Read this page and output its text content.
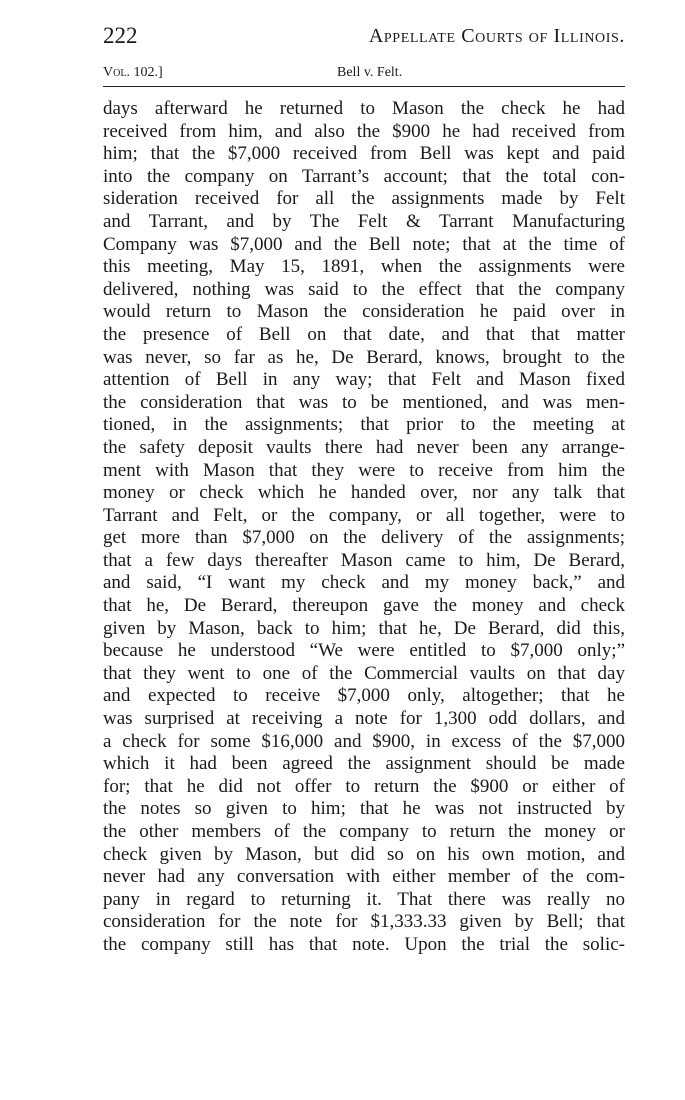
222	Appellate Courts of Illinois.
Vol. 102.]	Bell v. Felt.
days afterward he returned to Mason the check he had
received from him, and also the $900 he had received from
him; that the $7,000 received from Bell was kept and paid
into the company on Tarrant’s account; that the total con-
sideration received for all the assignments made by Felt
and Tarrant, and by The Felt & Tarrant Manufacturing
Company was $7,000 and the Bell note; that at the time of
this meeting, May 15, 1891, when the assignments were
delivered, nothing was said to the effect that the company
would return to Mason the consideration he paid over in
the presence of Bell on that date, and that that matter
was never, so far as he, De Berard, knows, brought to the
attention of Bell in any way; that Felt and Mason fixed
the consideration that was to be mentioned, and was men-
tioned, in the assignments; that prior to the meeting at
the safety deposit vaults there had never been any arrange-
ment with Mason that they were to receive from him the
money or check which he handed over, nor any talk that
Tarrant and Felt, or the company, or all together, were to
get more than $7,000 on the delivery of the assignments;
that a few days thereafter Mason came to him, De Berard,
and said, “I want my check and my money back,” and
that he, De Berard, thereupon gave the money and check
given by Mason, back to him; that he, De Berard, did this,
because he understood “We were entitled to $7,000 only;”
that they went to one of the Commercial vaults on that day
and expected to receive $7,000 only, altogether; that he
was surprised at receiving a note for 1,300 odd dollars, and
a check for some $16,000 and $900, in excess of the $7,000
which it had been agreed the assignment should be made
for; that he did not offer to return the $900 or either of
the notes so given to him; that he was not instructed by
the other members of the company to return the money or
check given by Mason, but did so on his own motion, and
never had any conversation with either member of the com-
pany in regard to returning it. That there was really no
consideration for the note for $1,333.33 given by Bell; that
the company still has that note. Upon the trial the solic-
